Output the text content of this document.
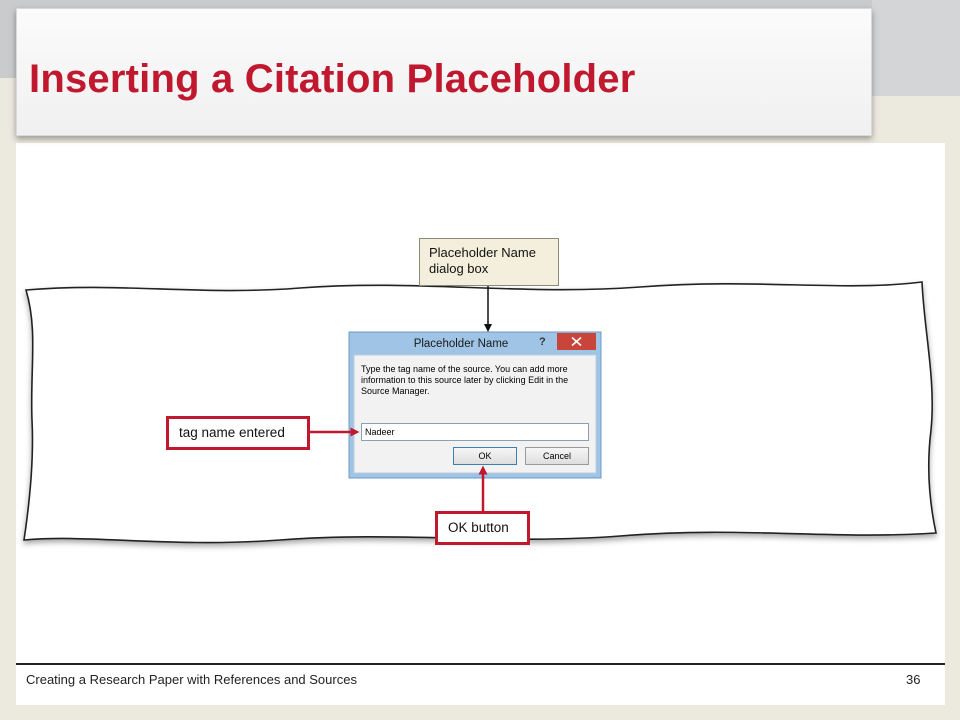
Inserting a Citation Placeholder
Placeholder Name	?
Type the tag name of the source. You can add more information to this source later by clicking Edit in the Source Manager.
Nadeer
OK	Cancel
Placeholder Name dialog box
tag name entered
OK button
Creating a Research Paper with References and Sources	36
